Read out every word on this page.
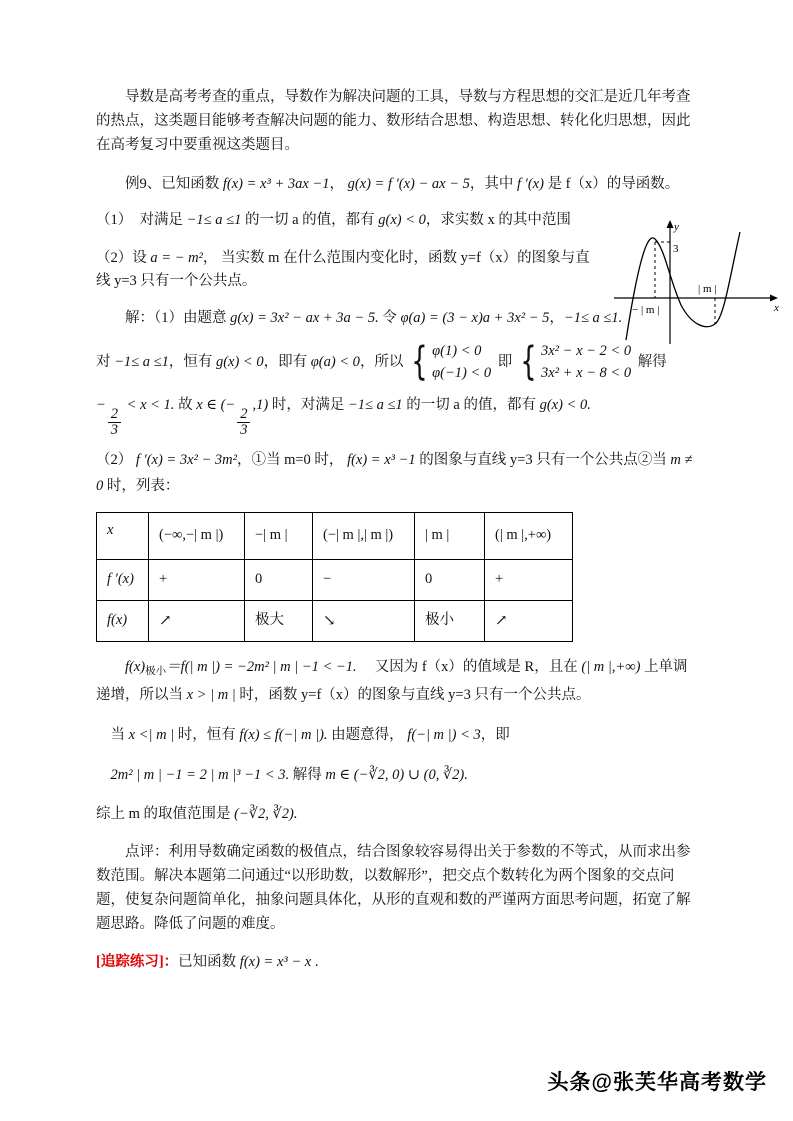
导数是高考考查的重点，导数作为解决问题的工具，导数与方程思想的交汇是近几年考查的热点，这类题目能够考查解决问题的能力、数形结合思想、构造思想、转化化归思想，因此在高考复习中要重视这类题目。

例9、已知函数 f(x) = x³ + 3ax −1， g(x) = f ′(x) − ax − 5，其中 f ′(x) 是 f（x）的导函数。

（1）　对满足 −1≤ a ≤1 的一切 a 的值，都有 g(x) < 0，求实数 x 的其中范围

（2）设 a = − m²， 当实数 m 在什么范围内变化时，函数 y=f（x）的图象与直线 y=3 只有一个公共点。

解：（1）由题意 g(x) = 3x² − ax + 3a − 5. 令 φ(a) = (3 − x)a + 3x² − 5，−1≤ a ≤1.

对 −1≤ a ≤1，恒有 g(x) < 0，即有 φ(a) < 0，所以 { φ(1) < 0
φ(−1) < 0
即 { 3x² − x − 2 < 0
3x² + x − 8 < 0
解得

−
$\frac{2}{3}$
< x < 1. 故 x ∈ (−
$\frac{2}{3}$
,1) 时，对满足 −1≤ a ≤1 的一切 a 的值，都有 g(x) < 0.

（2） f ′(x) = 3x² − 3m²，①当 m=0 时， f(x) = x³ −1 的图象与直线 y=3 只有一个公共点②当 m ≠ 0 时，列表：

x	(−∞,−| m |)	−| m |	(−| m |,| m |)	| m |	(| m |,+∞)
f ′(x)	+	0	−	0	+
f(x)	↗	极大	↘	极小	↗

$f(x)_{极小}=f(|$ m |) = −2m² | m | −1 < −1.　 又因为 f（x）的值域是 R，且在 (| m |,+∞) 上单调递增，所以当 x > | m | 时，函数 y=f（x）的图象与直线 y=3 只有一个公共点。

当 x <| m | 时，恒有 f(x) ≤ f(−| m |). 由题意得， f(−| m |) < 3，即

2m² | m | −1 = 2 | m |³ −1 < 3. 解得 m ∈ (−∛2, 0) ∪ (0, ∛2).

综上 m 的取值范围是 (−∛2, ∛2).

点评：利用导数确定函数的极值点，结合图象较容易得出关于参数的不等式，从而求出参数范围。解决本题第二问通过“以形助数，以数解形”，把交点个数转化为两个图象的交点问题，使复杂问题简单化，抽象问题具体化，从形的直观和数的严谨两方面思考问题，拓宽了解题思路。降低了问题的难度。

[追踪练习]：已知函数 f(x) = x³ − x .

3
− | m |
| m |
y
x
头条@张芙华高考数学
